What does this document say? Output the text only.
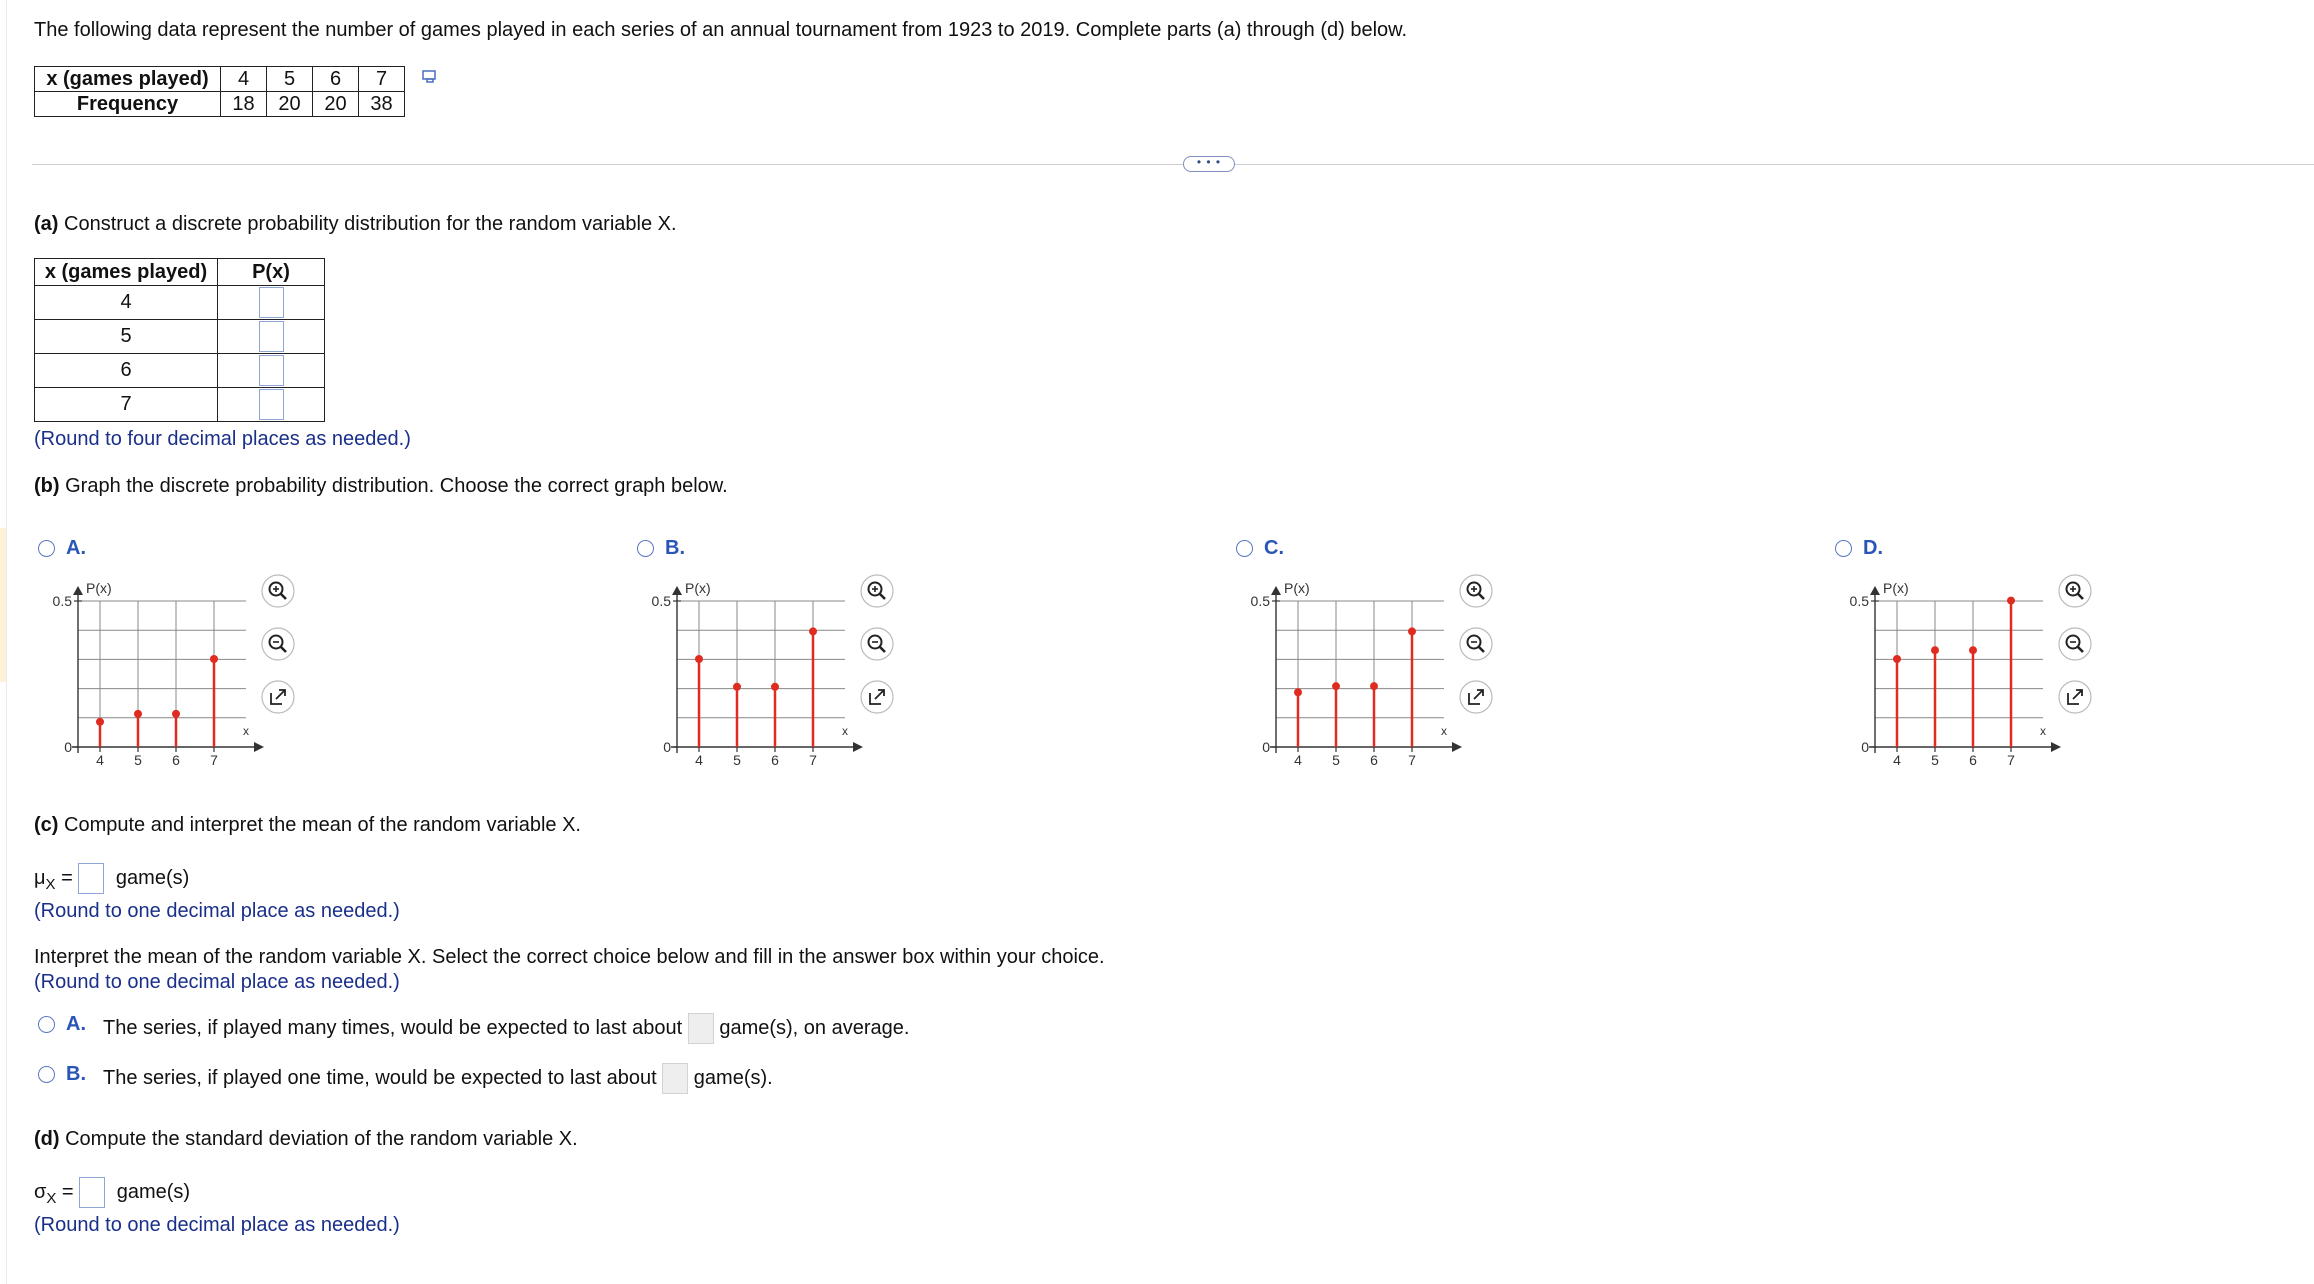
The following data represent the number of games played in each series of an annual tournament from 1923 to 2019. Complete parts (a) through (d) below.
x (games played)	4	5	6	7
Frequency	18	20	20	38
• • •
(a) Construct a discrete probability distribution for the random variable X.
x (games played)	P(x)
4	
5	
6	
7	
(Round to four decimal places as needed.)
(b) Graph the discrete probability distribution. Choose the correct graph below.
A.
0.5
0
P(x)
x
4 5 6 7
B.
0.5
0
P(x)
x
4 5 6 7
C.
0.5
0
P(x)
x
4 5 6 7
D.
0.5
0
P(x)
x
4 5 6 7
(c) Compute and interpret the mean of the random variable X.
$\mu_X$ = game(s)
(Round to one decimal place as needed.)
Interpret the mean of the random variable X. Select the correct choice below and fill in the answer box within your choice.
(Round to one decimal place as needed.)
A. The series, if played many times, would be expected to last about game(s), on average.
B. The series, if played one time, would be expected to last about game(s).
(d) Compute the standard deviation of the random variable X.
$\sigma_X$ = game(s)
(Round to one decimal place as needed.)
